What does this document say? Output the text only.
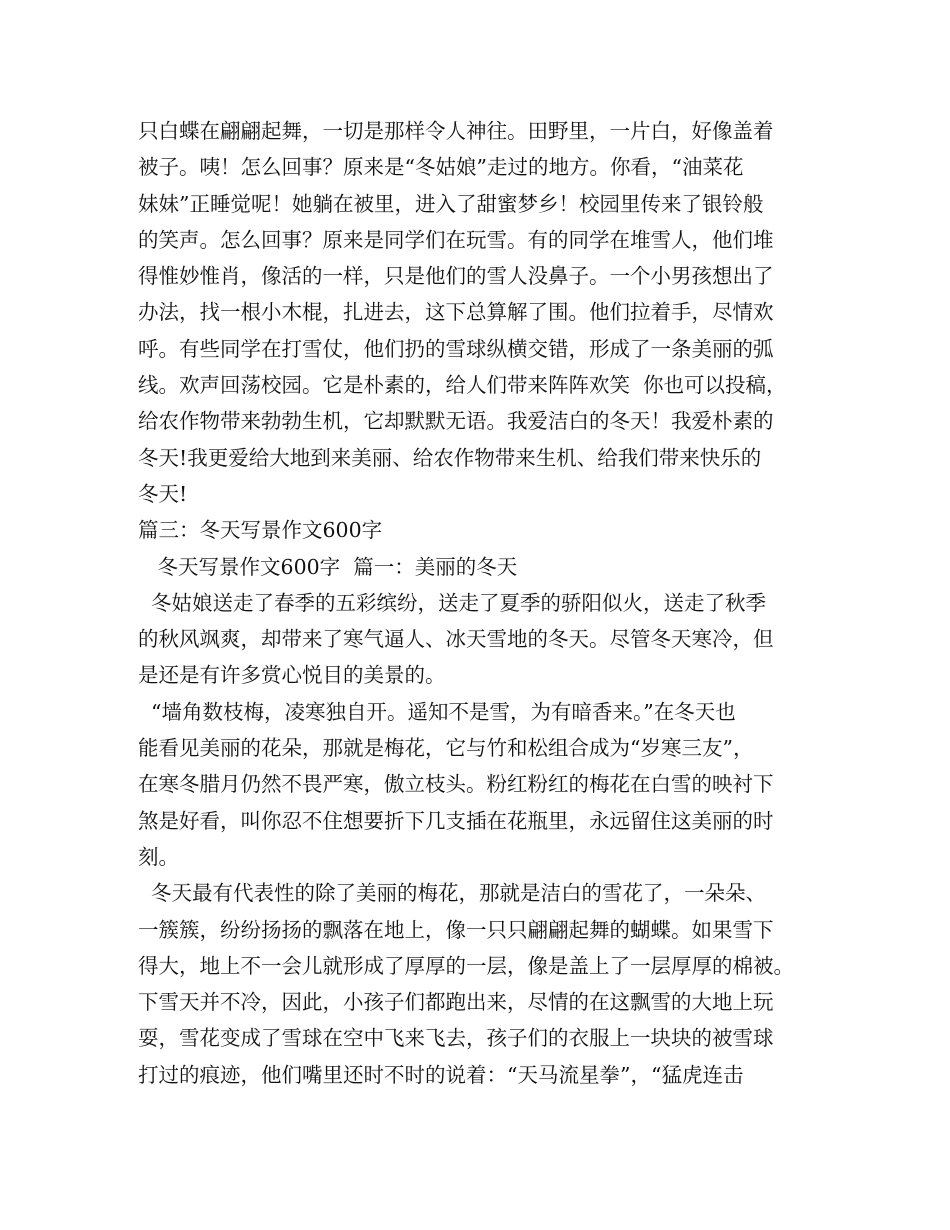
只白蝶在翩翩起舞，一切是那样令人神往。田野里，一片白，好像盖着
被子。咦！怎么回事？原来是“冬姑娘”走过的地方。你看，“油菜花
妹妹”正睡觉呢！她躺在被里，进入了甜蜜梦乡！校园里传来了银铃般
的笑声。怎么回事？原来是同学们在玩雪。有的同学在堆雪人，他们堆
得惟妙惟肖，像活的一样，只是他们的雪人没鼻子。一个小男孩想出了
办法，找一根小木棍，扎进去，这下总算解了围。他们拉着手，尽情欢
呼。有些同学在打雪仗，他们扔的雪球纵横交错，形成了一条美丽的弧
线。欢声回荡校园。它是朴素的，给人们带来阵阵欢笑  你也可以投稿，
给农作物带来勃勃生机，它却默默无语。我爱洁白的冬天！我爱朴素的
冬天!我更爱给大地到来美丽、给农作物带来生机、给我们带来快乐的
冬天!
篇三：冬天写景作文600字
冬天写景作文600字  篇一：美丽的冬天
冬姑娘送走了春季的五彩缤纷，送走了夏季的骄阳似火，送走了秋季
的秋风飒爽，却带来了寒气逼人、冰天雪地的冬天。尽管冬天寒冷，但
是还是有许多赏心悦目的美景的。
“墙角数枝梅，凌寒独自开。遥知不是雪，为有暗香来。”在冬天也
能看见美丽的花朵，那就是梅花，它与竹和松组合成为“岁寒三友”，
在寒冬腊月仍然不畏严寒，傲立枝头。粉红粉红的梅花在白雪的映衬下
煞是好看，叫你忍不住想要折下几支插在花瓶里，永远留住这美丽的时
刻。
冬天最有代表性的除了美丽的梅花，那就是洁白的雪花了，一朵朵、
一簇簇，纷纷扬扬的飘落在地上，像一只只翩翩起舞的蝴蝶。如果雪下
得大，地上不一会儿就形成了厚厚的一层，像是盖上了一层厚厚的棉被。
下雪天并不冷，因此，小孩子们都跑出来，尽情的在这飘雪的大地上玩
耍，雪花变成了雪球在空中飞来飞去，孩子们的衣服上一块块的被雪球
打过的痕迹，他们嘴里还时不时的说着：“天马流星拳”，“猛虎连击
